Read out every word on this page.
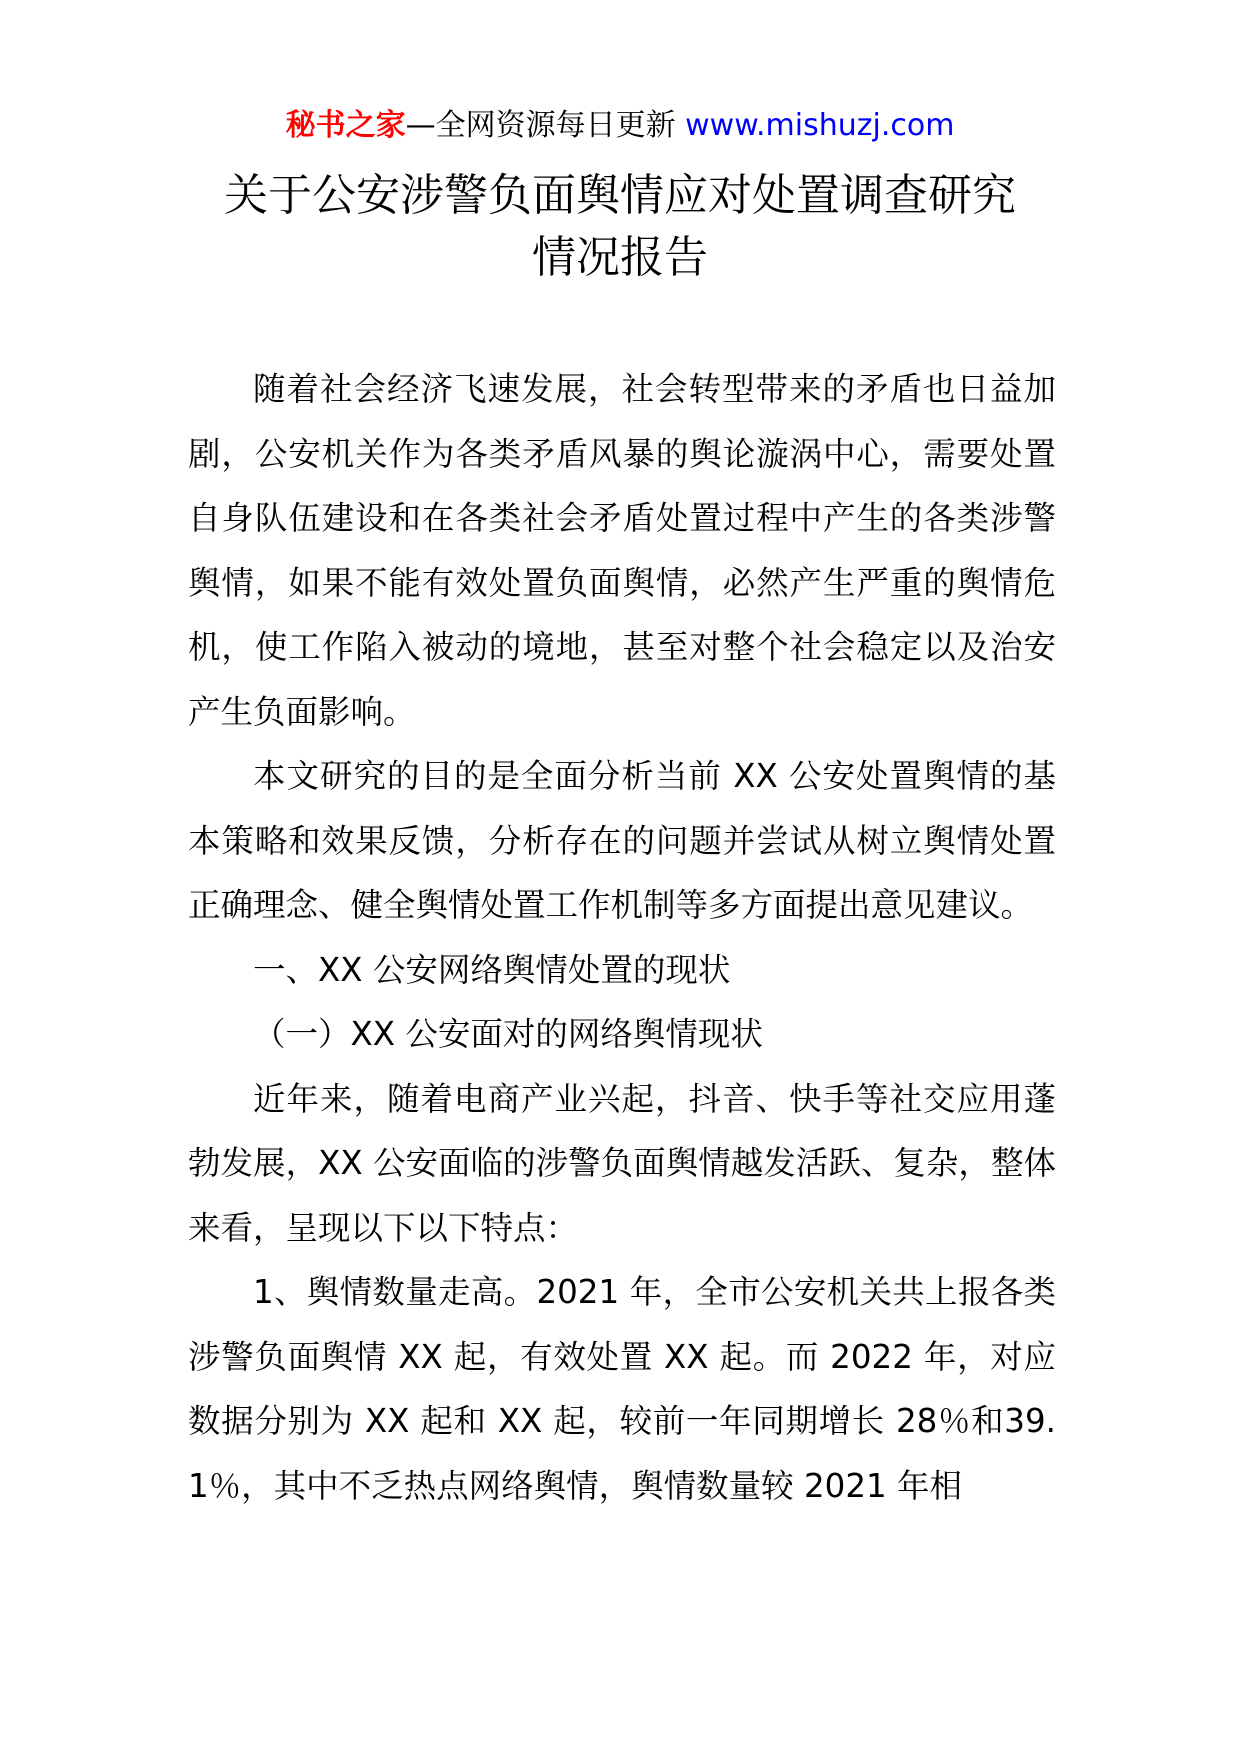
秘书之家—全网资源每日更新 www.mishuzj.com
关于公安涉警负面舆情应对处置调查研究
情况报告

随着社会经济飞速发展，社会转型带来的矛盾也日益加剧，公安机关作为各类矛盾风暴的舆论漩涡中心，需要处置自身队伍建设和在各类社会矛盾处置过程中产生的各类涉警舆情，如果不能有效处置负面舆情，必然产生严重的舆情危机，使工作陷入被动的境地，甚至对整个社会稳定以及治安产生负面影响。

本文研究的目的是全面分析当前 XX 公安处置舆情的基本策略和效果反馈，分析存在的问题并尝试从树立舆情处置正确理念、健全舆情处置工作机制等多方面提出意见建议。

一、XX 公安网络舆情处置的现状

（一）XX 公安面对的网络舆情现状

近年来，随着电商产业兴起，抖音、快手等社交应用蓬勃发展，XX 公安面临的涉警负面舆情越发活跃、复杂，整体来看，呈现以下以下特点：

1、舆情数量走高。2021 年，全市公安机关共上报各类涉警负面舆情 XX 起，有效处置 XX 起。而 2022 年，对应数据分别为 XX 起和 XX 起，较前一年同期增长 28％和39.1％，其中不乏热点网络舆情，舆情数量较 2021 年相
